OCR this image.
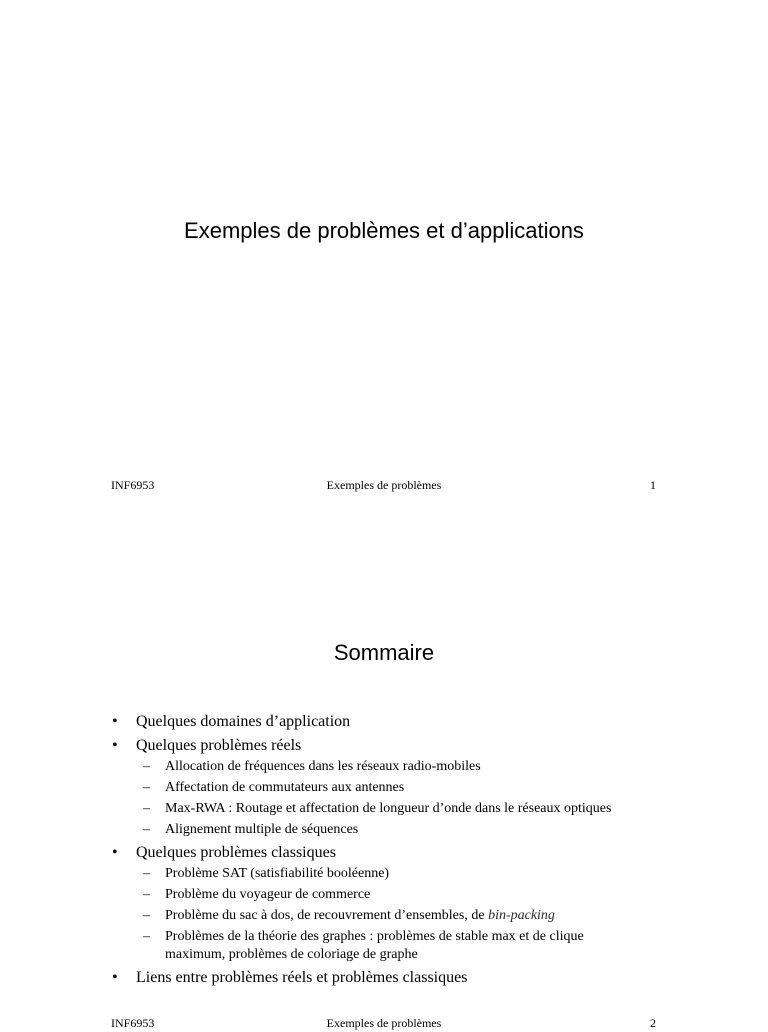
Exemples de problèmes et d’applications
INF6953	Exemples de problèmes	1
Sommaire
• Quelques domaines d’application
• Quelques problèmes réels
– Allocation de fréquences dans les réseaux radio-mobiles
– Affectation de commutateurs aux antennes
– Max-RWA : Routage et affectation de longueur d’onde dans le réseaux optiques
– Alignement multiple de séquences
• Quelques problèmes classiques
– Problème SAT (satisfiabilité booléenne)
– Problème du voyageur de commerce
– Problème du sac à dos, de recouvrement d’ensembles, de bin-packing
– Problèmes de la théorie des graphes : problèmes de stable max et de clique maximum, problèmes de coloriage de graphe
• Liens entre problèmes réels et problèmes classiques
INF6953	Exemples de problèmes	2
